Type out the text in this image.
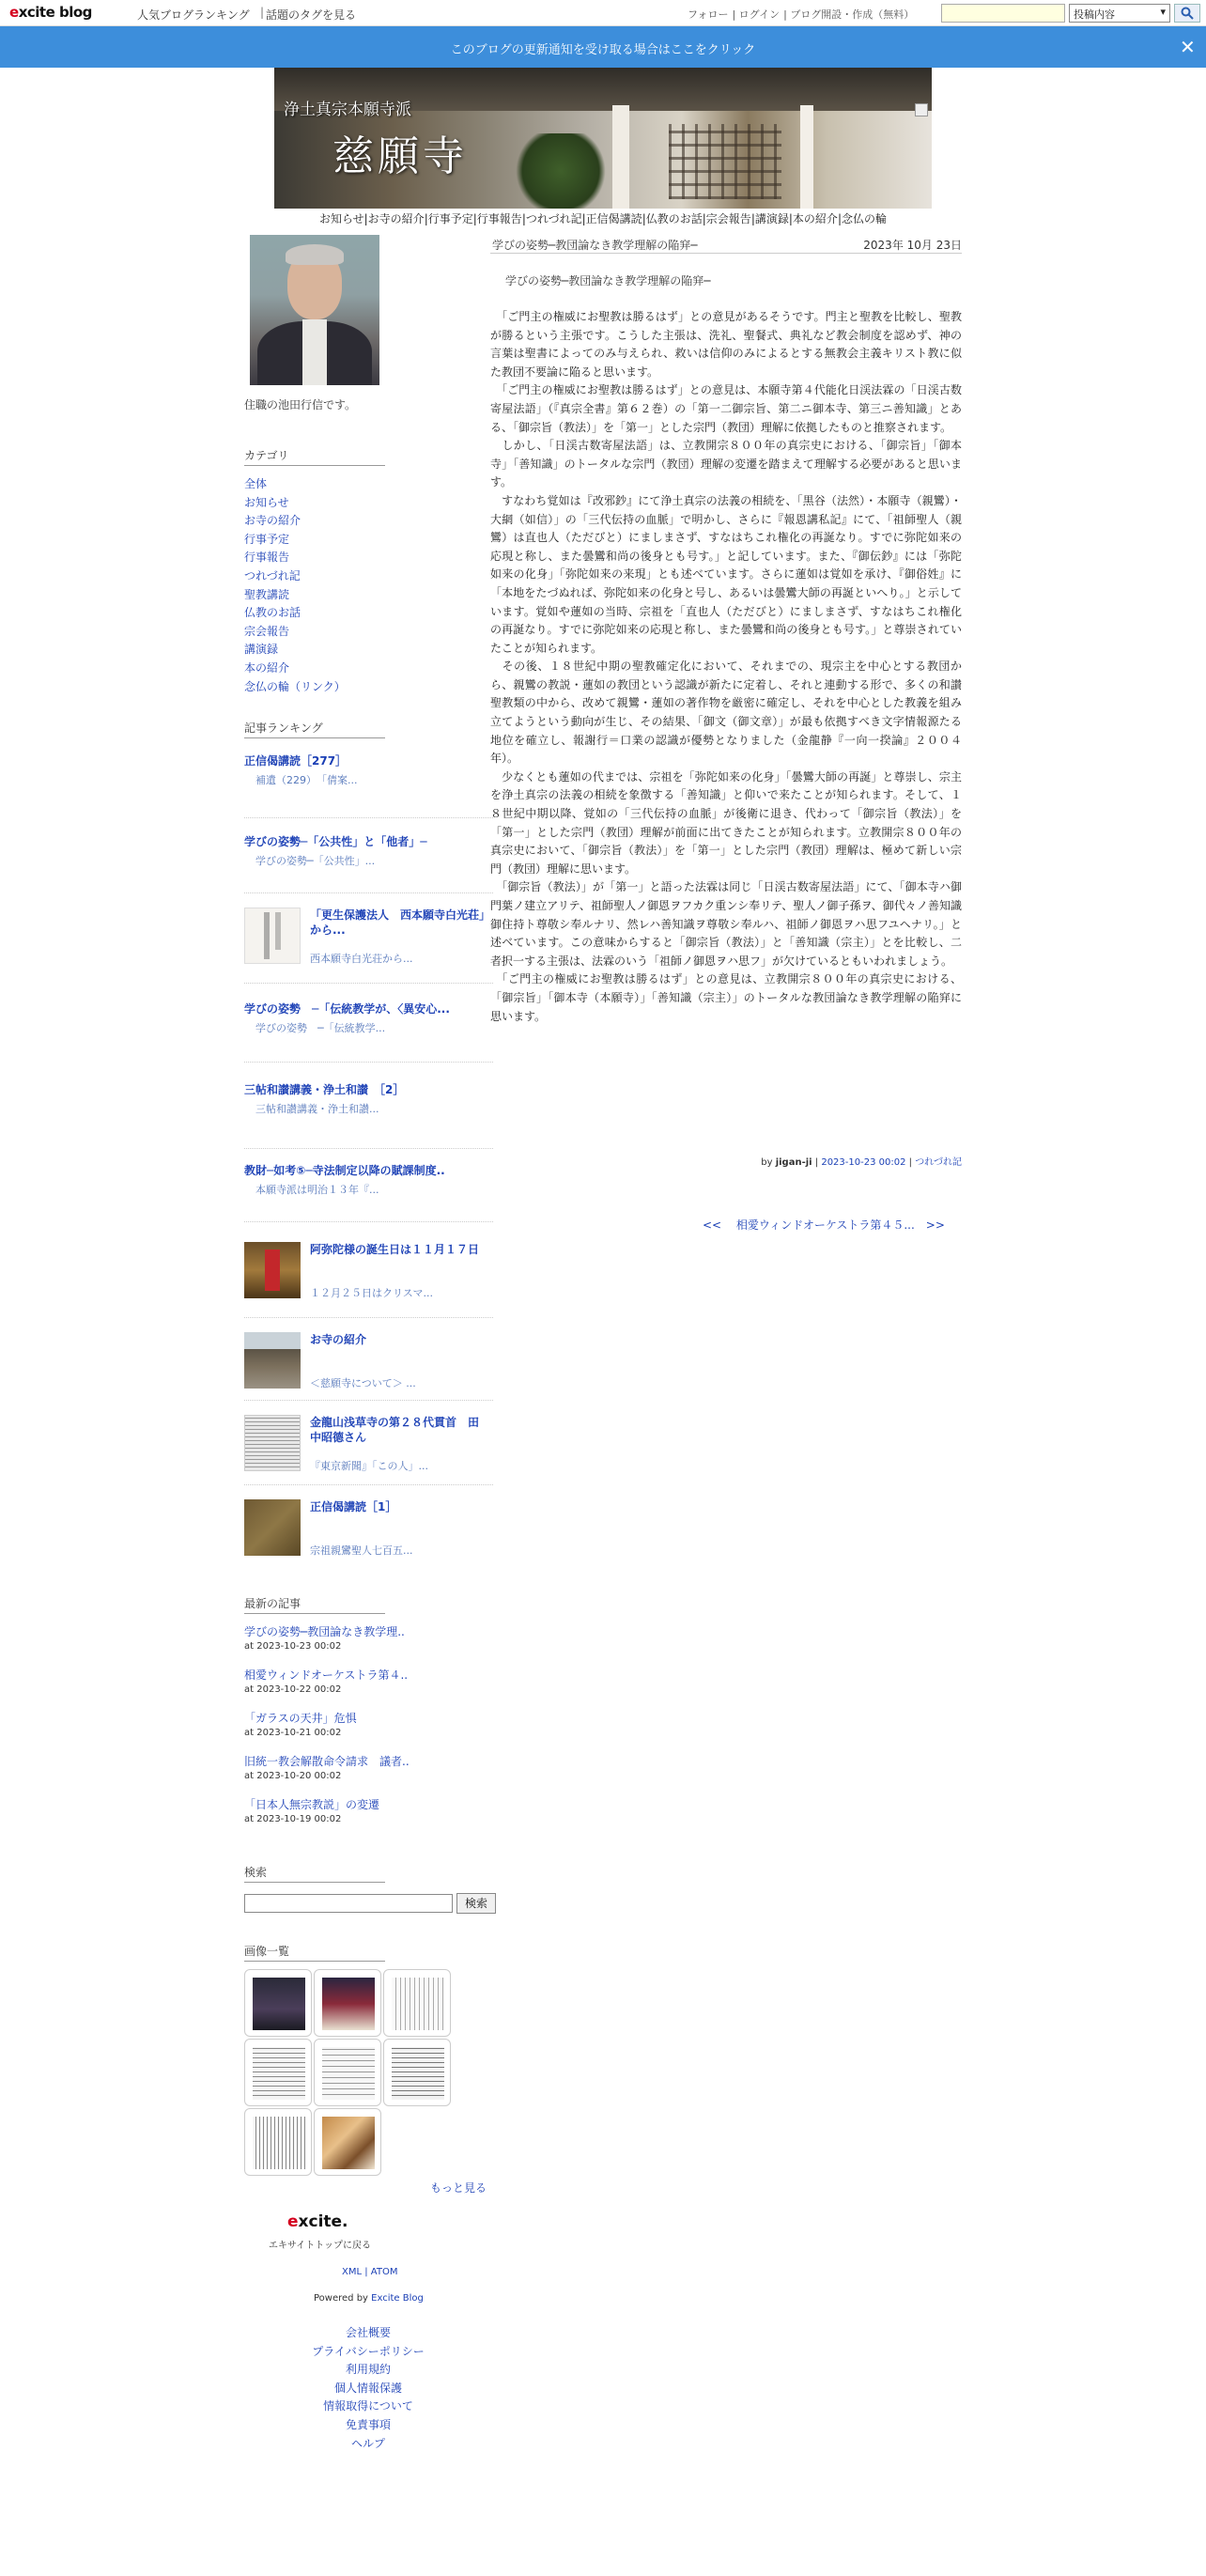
excite blog	人気ブログランキング | 話題のタグを見る	フォロー | ログイン | ブログ開設・作成（無料）	投稿内容	▾
このブログの更新通知を受け取る場合はここをクリック	✕
浄土真宗本願寺派
慈願寺
お知らせ|お寺の紹介|行事予定|行事報告|つれづれ記|正信偈講読|仏教のお話|宗会報告|講演録|本の紹介|念仏の輪
住職の池田行信です。
カテゴリ
全体
お知らせ
お寺の紹介
行事予定
行事報告
つれづれ記
聖教講読
仏教のお話
宗会報告
講演録
本の紹介
念仏の輪（リンク）
記事ランキング
正信偈講読［277］
補遺（229）　「倩案...
学びの姿勢─「公共性」と「他者」─
学びの姿勢─「公共性」...
「更生保護法人　西本願寺白光荘」から...
西本願寺白光荘から...
学びの姿勢　─「伝統教学が、〈異安心...
学びの姿勢　─「伝統教学...
三帖和讃講義・浄土和讃　［2］
三帖和讃講義・浄土和讃...
教財─如考⑤─寺法制定以降の賦課制度..
本願寺派は明治１３年『...
阿弥陀様の誕生日は１１月１７日
１２月２５日はクリスマ...
お寺の紹介
＜慈願寺について＞ ...
金龍山浅草寺の第２８代貫首　田中昭德さん
『東京新聞』「この人」...
正信偈講読［1］
宗祖親鸞聖人七百五...
最新の記事
学びの姿勢─教団論なき教学理..
at 2023-10-23 00:02
相愛ウィンドオーケストラ第４..
at 2023-10-22 00:02
「ガラスの天井」危惧
at 2023-10-21 00:02
旧統一教会解散命令請求　議者..
at 2023-10-20 00:02
「日本人無宗教説」の変遷
at 2023-10-19 00:02
検索
検索
画像一覧
もっと見る
学びの姿勢─教団論なき教学理解の陥穽─	2023年 10月 23日
学びの姿勢─教団論なき教学理解の陥穽─

　「ご門主の権威にお聖教は勝るはず」との意見があるそうです。門主と聖教を比較し、聖教が勝るという主張です。こうした主張は、洗礼、聖餐式、典礼など教会制度を認めず、神の言葉は聖書によってのみ与えられ、救いは信仰のみによるとする無教会主義キリスト教に似た教団不要論に陥ると思います。

　「ご門主の権威にお聖教は勝るはず」との意見は、本願寺第４代能化日渓法霖の「日渓古数寄屋法語」（『真宗全書』第６２巻）の「第一二御宗旨、第二ニ御本寺、第三ニ善知識」とある、「御宗旨（教法）」を「第一」とした宗門（教団）理解に依拠したものと推察されます。

　しかし、「日渓古数寄屋法語」は、立教開宗８００年の真宗史における、「御宗旨」「御本寺」「善知識」のトータルな宗門（教団）理解の変遷を踏まえて理解する必要があると思います。

　すなわち覚如は『改邪鈔』にて浄土真宗の法義の相続を、「黒谷（法然）・本願寺（親鸞）・大網（如信）」の「三代伝持の血脈」で明かし、さらに『報恩講私記』にて、「祖師聖人（親鸞）は直也人（ただびと）にましまさず、すなはちこれ権化の再誕なり。すでに弥陀如来の応現と称し、また曇鸞和尚の後身とも号す。」と記しています。また、『御伝鈔』には「弥陀如来の化身」「弥陀如来の来現」とも述べています。さらに蓮如は覚如を承け、『御俗姓』に「本地をたづぬれば、弥陀如来の化身と号し、あるいは曇鸞大師の再誕といへり。」と示しています。覚如や蓮如の当時、宗祖を「直也人（ただびと）にましまさず、すなはちこれ権化の再誕なり。すでに弥陀如来の応現と称し、また曇鸞和尚の後身とも号す。」と尊崇されていたことが知られます。

　その後、１８世紀中期の聖教確定化において、それまでの、現宗主を中心とする教団から、親鸞の教説・蓮如の教団という認識が新たに定着し、それと連動する形で、多くの和讃聖教類の中から、改めて親鸞・蓮如の著作物を厳密に確定し、それを中心とした教義を組み立てようという動向が生じ、その結果、「御文（御文章）」が最も依拠すべき文字情報源たる地位を確立し、報謝行＝口業の認識が優勢となりました（金龍静『一向一揆論』２００４年）。

　少なくとも蓮如の代までは、宗祖を「弥陀如来の化身」「曇鸞大師の再誕」と尊崇し、宗主を浄土真宗の法義の相続を象徴する「善知識」と仰いで来たことが知られます。そして、１８世紀中期以降、覚如の「三代伝持の血脈」が後衛に退き、代わって「御宗旨（教法）」を「第一」とした宗門（教団）理解が前面に出てきたことが知られます。立教開宗８００年の真宗史において、「御宗旨（教法）」を「第一」とした宗門（教団）理解は、極めて新しい宗門（教団）理解に思います。

　「御宗旨（教法）」が「第一」と語った法霖は同じ「日渓古数寄屋法語」にて、「御本寺ハ御門葉ノ建立アリテ、祖師聖人ノ御恩ヲフカク重ンシ奉リテ、聖人ノ御子孫ヲ、御代々ノ善知識御住持ト尊敬シ奉ルナリ、然レハ善知識ヲ尊敬シ奉ルハ、祖師ノ御恩ヲハ思フユヘナリ。」と述べています。この意味からすると「御宗旨（教法）」と「善知識（宗主）」とを比較し、二者択一する主張は、法霖のいう「祖師ノ御恩ヲハ思フ」が欠けているともいわれましょう。

　「ご門主の権威にお聖教は勝るはず」との意見は、立教開宗８００年の真宗史における、「御宗旨」「御本寺（本願寺）」「善知識（宗主）」のトータルな教団論なき教学理解の陥穽に思います。

by jigan-ji | 2023-10-23 00:02 | つれづれ記
<<　 相愛ウィンドオーケストラ第４５...　>>
excite.
エキサイトトップに戻る
XML | ATOM
Powered by Excite Blog
会社概要
プライバシーポリシー
利用規約
個人情報保護
情報取得について
免責事項
ヘルプ
